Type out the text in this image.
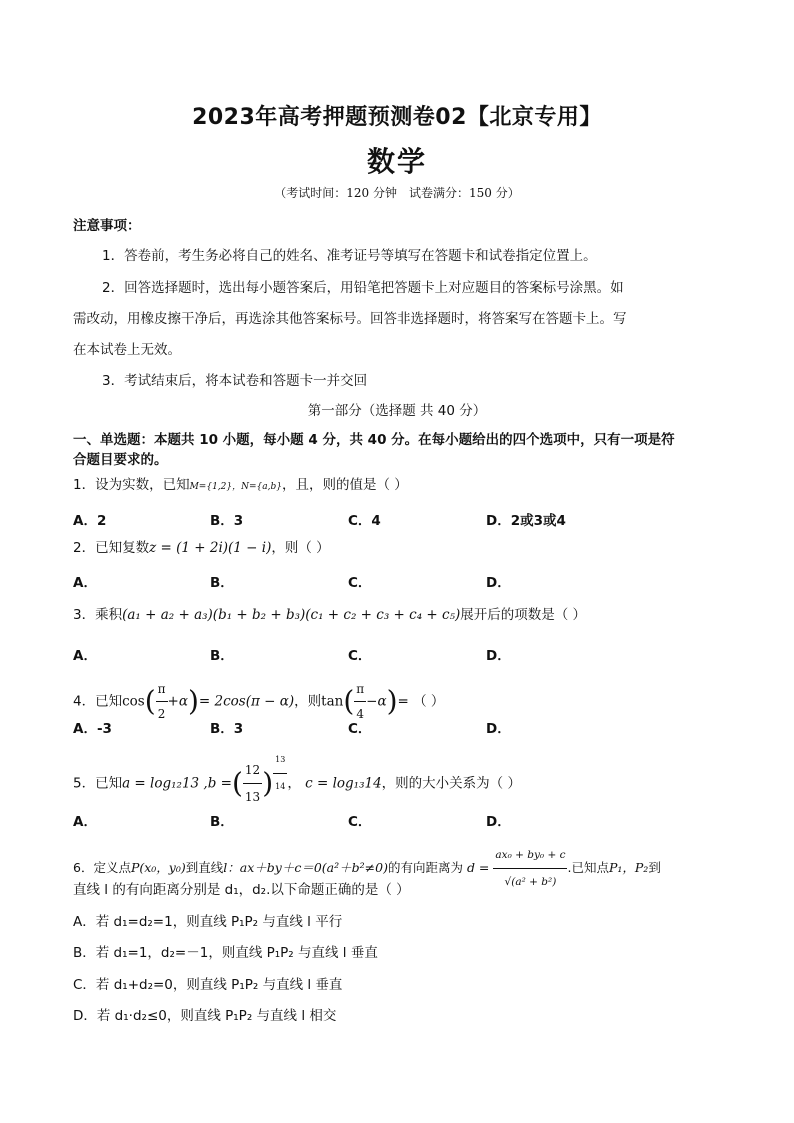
2023年高考押题预测卷02【北京专用】
数学
（考试时间：120 分钟　试卷满分：150 分）
注意事项：
1．答卷前，考生务必将自己的姓名、准考证号等填写在答题卡和试卷指定位置上。
2．回答选择题时，选出每小题答案后，用铅笔把答题卡上对应题目的答案标号涂黑。如
需改动，用橡皮擦干净后，再选涂其他答案标号。回答非选择题时，将答案写在答题卡上。写
在本试卷上无效。
3．考试结束后，将本试卷和答题卡一并交回
第一部分（选择题 共 40 分）
一、单选题：本题共 10 小题，每小题 4 分，共 40 分。在每小题给出的四个选项中，只有一项是符
合题目要求的。
1．设为实数，已知M={1,2}，N={a,b}，且，则的值是（ ）
A．2	B．3	C．4	D．2或3或4
2．已知复数z = (1 + 2i)(1 − i)，则（ ）
A．	B．	C．	D．
3．乘积(a₁ + a₂ + a₃)(b₁ + b₂ + b₃)(c₁ + c₂ + c₃ + c₄ + c₅)展开后的项数是（ ）
A．	B．	C．	D．
4．已知$\cos( \frac{\pi}{2} +\alpha)= 2\cos(\pi - \alpha)$，则$\tan( \frac{\pi}{4} -\alpha)=$ （ ）
A．-3	B．3	C．	D．
5．已知a = log₁₂13 ,b =( $\frac{12}{13}$ ) $\frac{13}{14}$ ， c = log₁₃14，则的大小关系为（ ）
A．	B．	C．	D．
6．定义点P(x₀，y₀)到直线l：ax＋by＋c＝0(a²＋b²≠0)的有向距离为 $d = \frac{\text{ax₀ + by₀ + c}}{\text{√(a² + b²)}}$ .已知点P₁，P₂到
直线 l 的有向距离分别是 d₁，d₂.以下命题正确的是（ ）
A．若 d₁=d₂=1，则直线 P₁P₂ 与直线 l 平行
B．若 d₁=1，d₂=－1，则直线 P₁P₂ 与直线 l 垂直
C．若 d₁+d₂=0，则直线 P₁P₂ 与直线 l 垂直
D．若 d₁·d₂≤0，则直线 P₁P₂ 与直线 l 相交
